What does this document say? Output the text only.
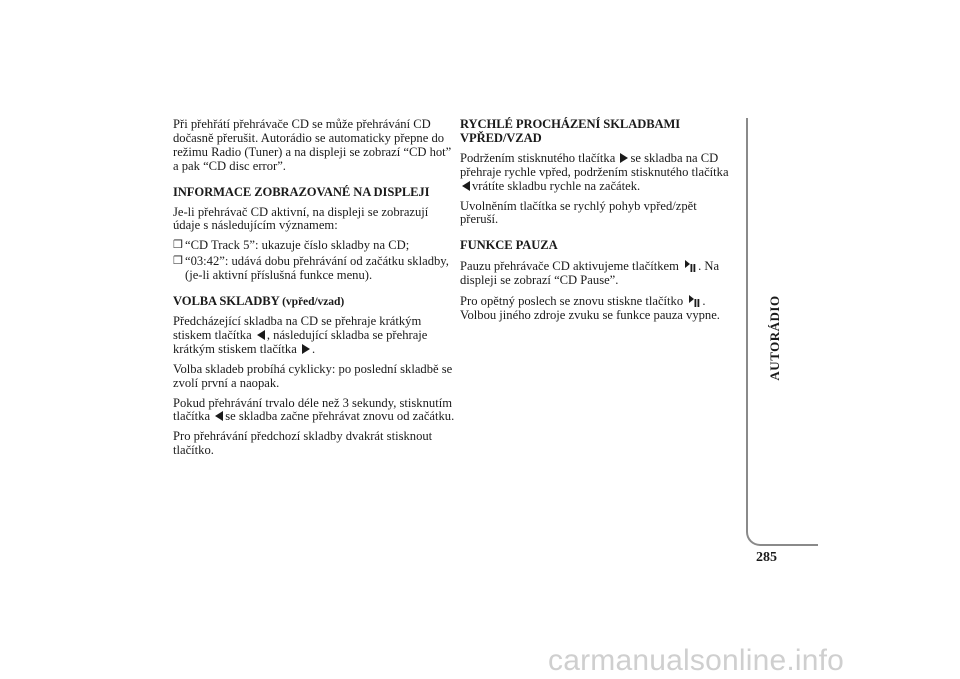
Při přehřátí přehrávače CD se může přehrávání CD dočasně přerušit. Autorádio se automaticky přepne do režimu Radio (Tuner) a na displeji se zobrazí “CD hot” a pak “CD disc error”.

INFORMACE ZOBRAZOVANÉ NA DISPLEJI

Je-li přehrávač CD aktivní, na displeji se zobrazují údaje s následujícím významem:

❒ “CD Track 5”: ukazuje číslo skladby na CD;
❒ “03:42”: udává dobu přehrávání od začátku skladby, (je-li aktivní příslušná funkce menu).
VOLBA SKLADBY (vpřed/vzad)

Předcházející skladba na CD se přehraje krátkým stiskem tlačítka , následující skladba se přehraje krátkým stiskem tlačítka .

Volba skladeb probíhá cyklicky: po poslední skladbě se zvolí první a naopak.

Pokud přehrávání trvalo déle než 3 sekundy, stisknutím tlačítka se skladba začne přehrávat znovu od začátku.

Pro přehrávání předchozí skladby dvakrát stisknout tlačítko.

RYCHLÉ PROCHÁZENÍ SKLADBAMI VPŘED/VZAD

Podržením stisknutého tlačítka se skladba na CD přehraje rychle vpřed, podržením stisknutého tlačítka
vrátíte skladbu rychle na začátek.

Uvolněním tlačítka se rychlý pohyb vpřed/zpět přeruší.

FUNKCE PAUZA

Pauzu přehrávače CD aktivujeme tlačítkem . Na displeji se zobrazí “CD Pause”.

Pro opětný poslech se znovu stiskne tlačítko . Volbou jiného zdroje zvuku se funkce pauza vypne.	AUTORÁDIO
285
carmanualsonline.info
